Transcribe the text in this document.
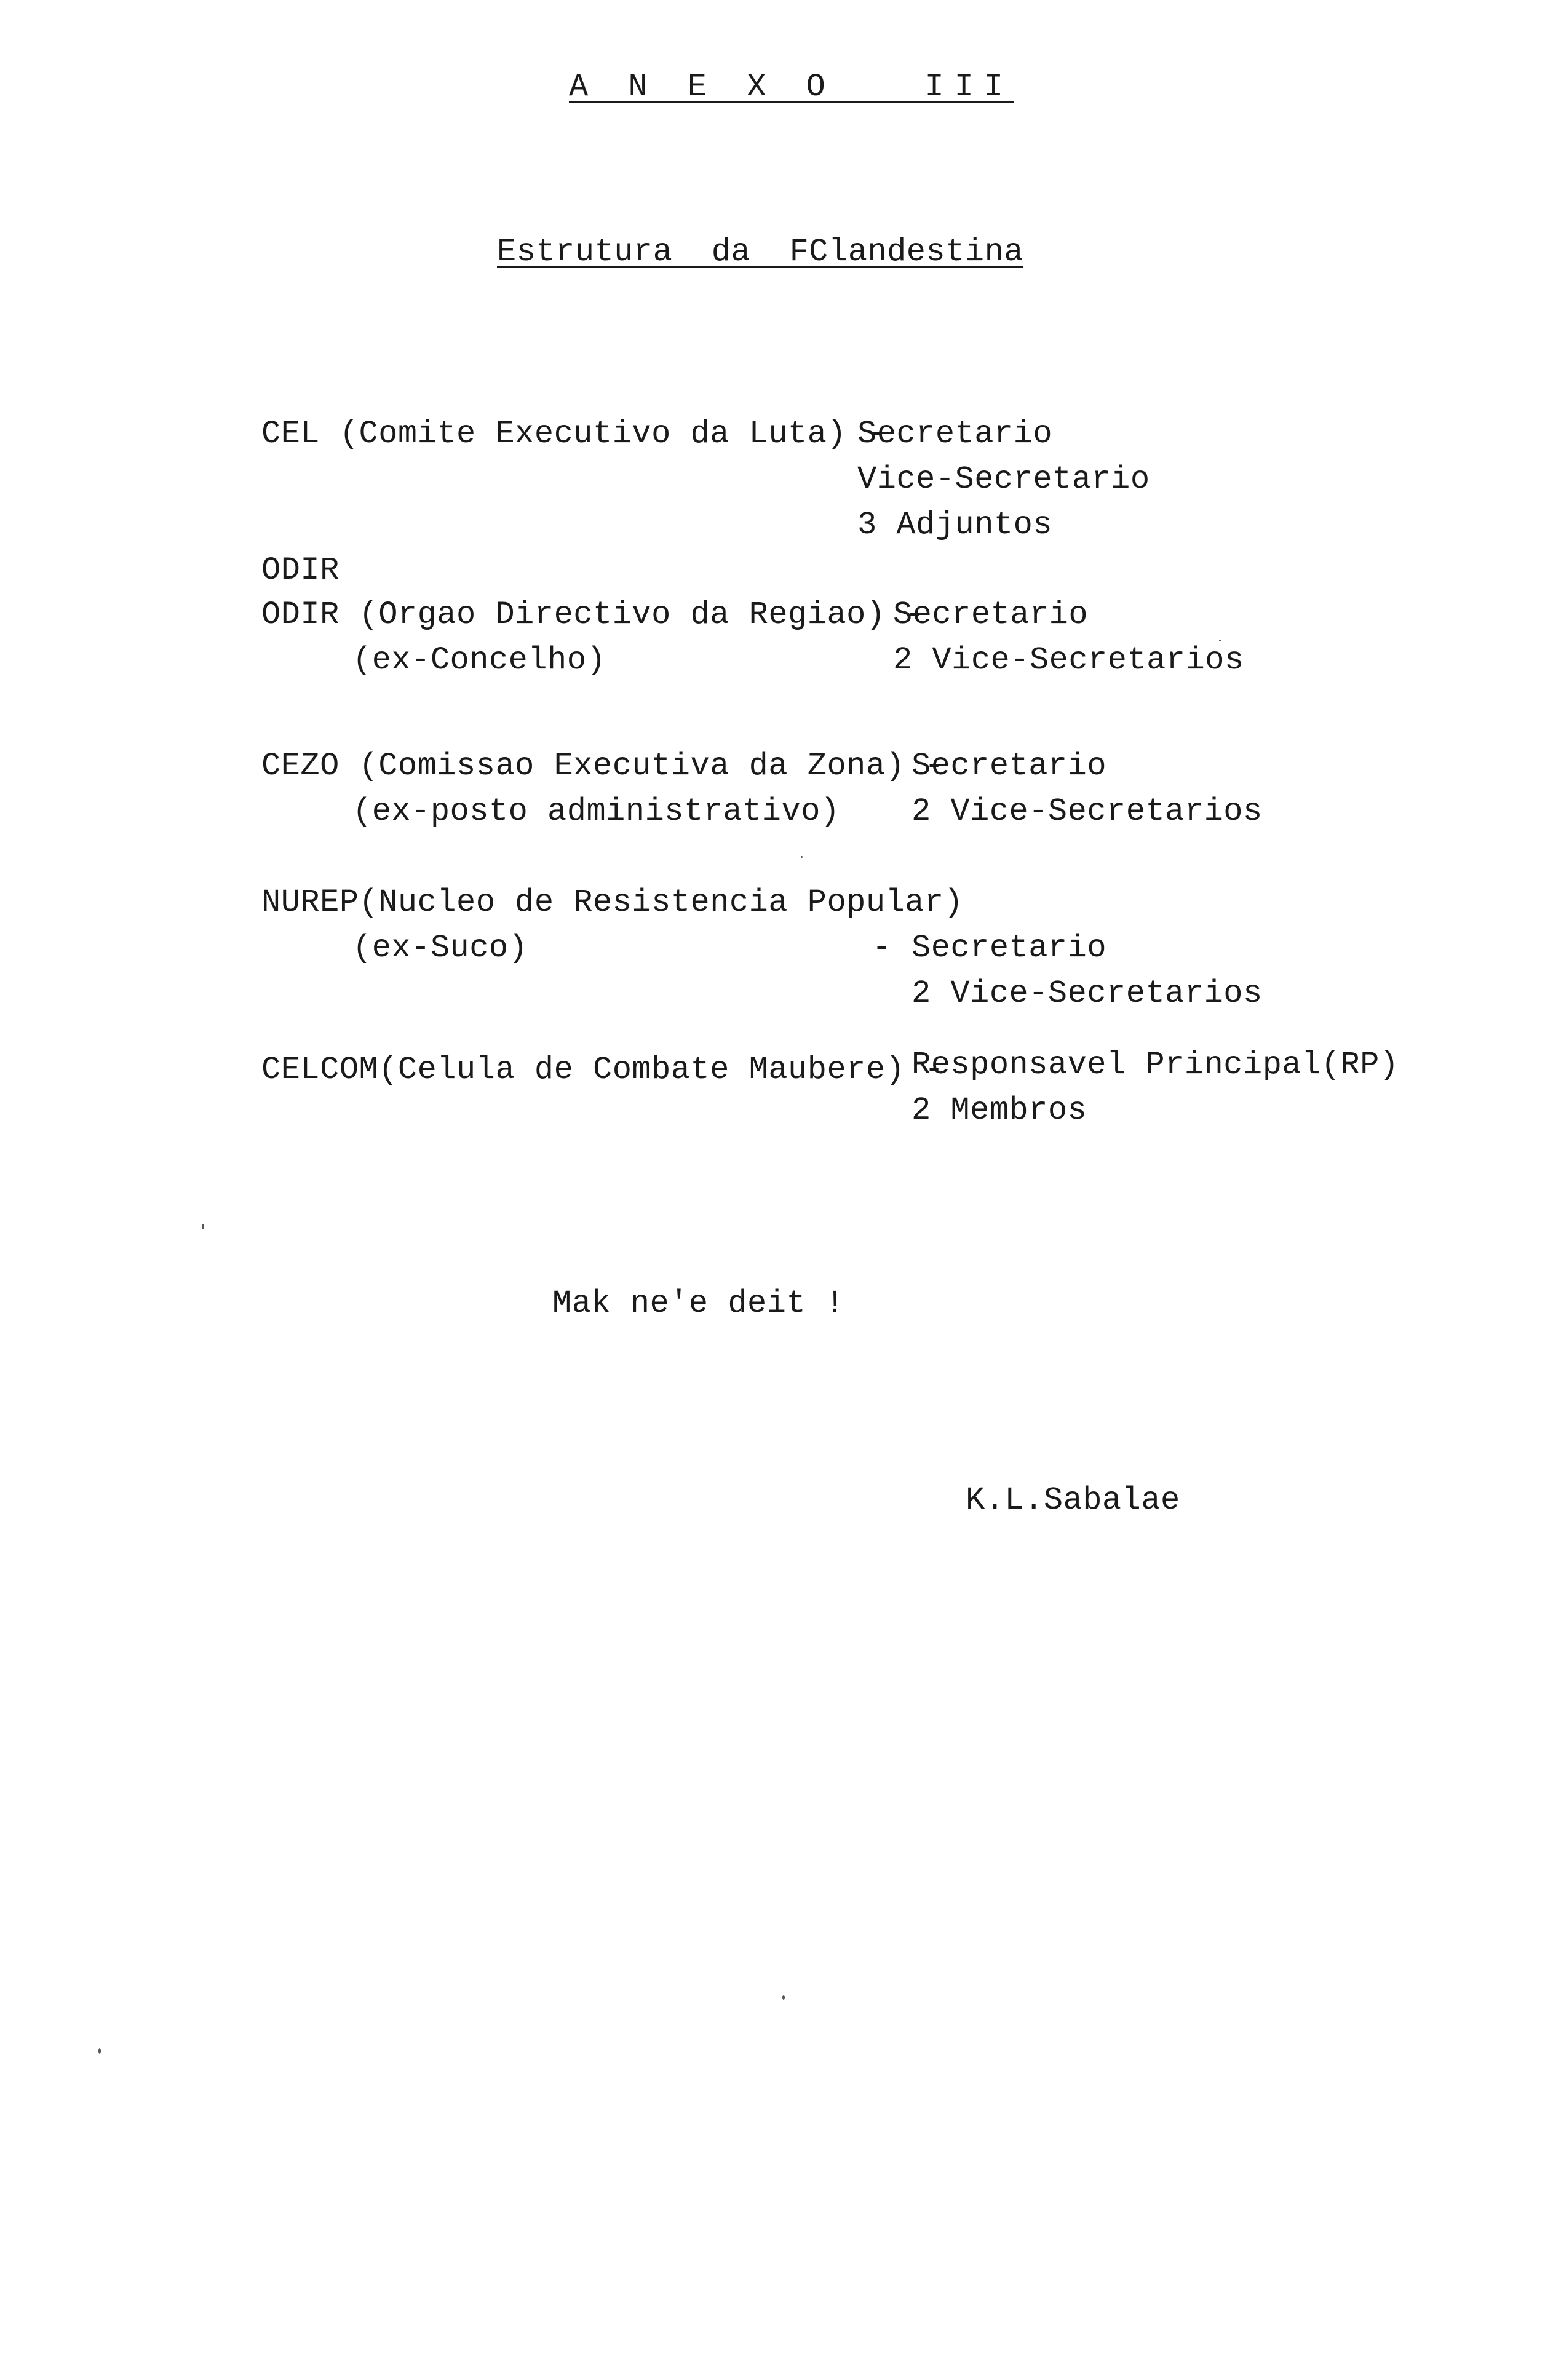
A N E X O   III
Estrutura  da  FClandestina
CEL (Comite Executivo da Luta) -
Secretario
Vice-Secretario
3 Adjuntos
ODIR
ODIR (Orgao Directivo da Regiao) -
(ex-Concelho)
Secretario
2 Vice-Secretarios
CEZO (Comissao Executiva da Zona) -
(ex-posto administrativo)
Secretario
2 Vice-Secretarios
NUREP(Nucleo de Resistencia Popular)
(ex-Suco)	- Secretario
2 Vice-Secretarios
CELCOM(Celula de Combate Maubere) -
Responsavel Principal(RP)
2 Membros
Mak ne'e deit !
K.L.Sabalae
